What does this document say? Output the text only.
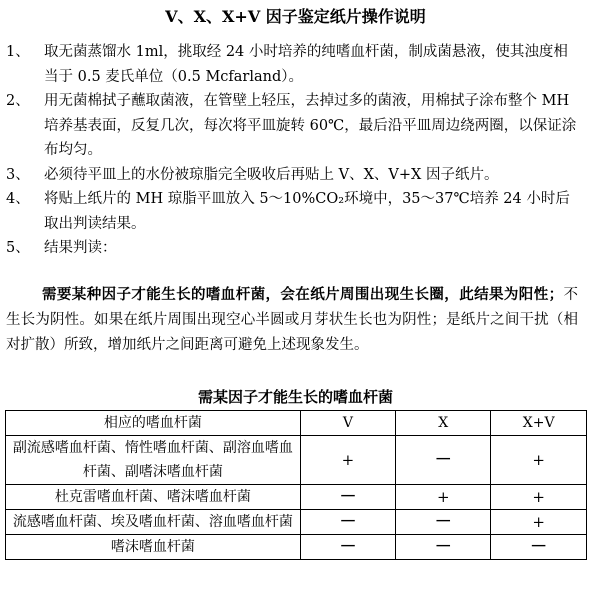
V、X、X+V 因子鉴定纸片操作说明
1、 取无菌蒸馏水 1ml，挑取经 24 小时培养的纯嗜血杆菌，制成菌悬液，使其浊度相当于 0.5 麦氏单位（0.5 Mcfarland）。
2、 用无菌棉拭子蘸取菌液，在管壁上轻压，去掉过多的菌液，用棉拭子涂布整个 MH 培养基表面，反复几次，每次将平皿旋转 60℃，最后沿平皿周边绕两圈，以保证涂布均匀。
3、 必须待平皿上的水份被琼脂完全吸收后再贴上 V、X、V+X 因子纸片。
4、 将贴上纸片的 MH 琼脂平皿放入 5～10%CO₂环境中，35～37℃培养 24 小时后取出判读结果。
5、 结果判读：
需要某种因子才能生长的嗜血杆菌，会在纸片周围出现生长圈，此结果为阳性；不生长为阴性。如果在纸片周围出现空心半圆或月芽状生长也为阴性；是纸片之间干扰（相对扩散）所致，增加纸片之间距离可避免上述现象发生。
需某因子才能生长的嗜血杆菌
相应的嗜血杆菌	V	X	X+V
副流感嗜血杆菌、惰性嗜血杆菌、副溶血嗜血杆菌、副嗜沫嗜血杆菌	+	－	+
杜克雷嗜血杆菌、嗜沫嗜血杆菌	－	+	+
流感嗜血杆菌、埃及嗜血杆菌、溶血嗜血杆菌	－	－	+
嗜沫嗜血杆菌	－	－	－
